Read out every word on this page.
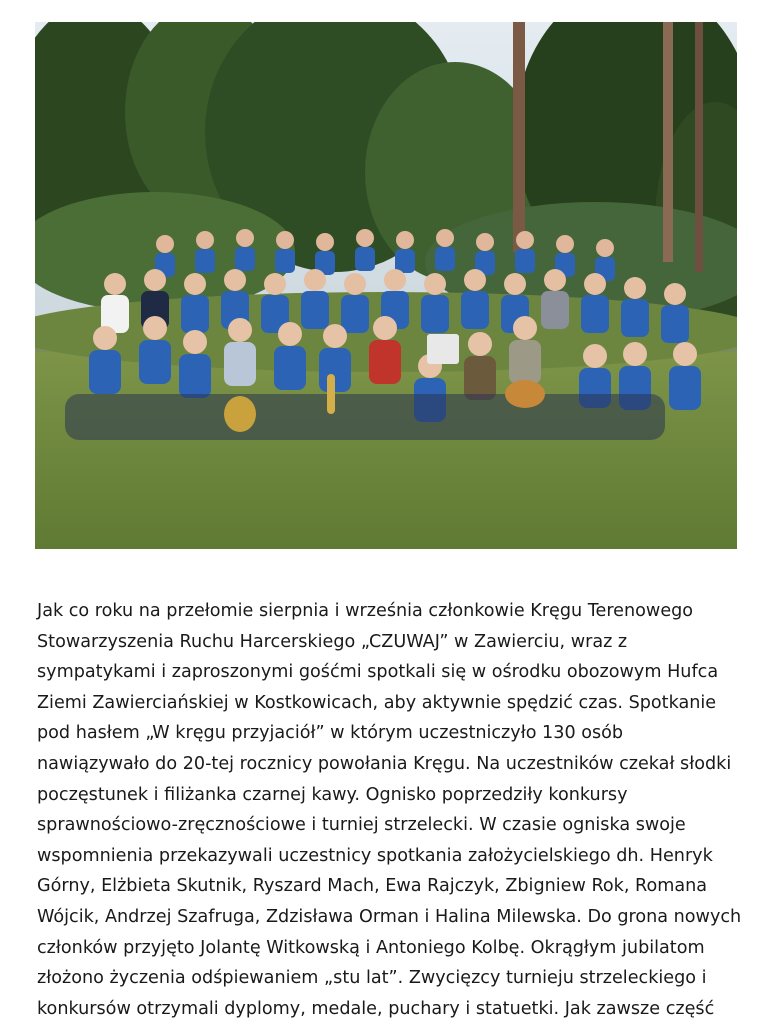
Jak co roku na przełomie sierpnia i września członkowie Kręgu Terenowego
Stowarzyszenia Ruchu Harcerskiego „CZUWAJ” w Zawierciu, wraz z
sympatykami i zaproszonymi gośćmi spotkali się w ośrodku obozowym Hufca
Ziemi Zawierciańskiej w Kostkowicach, aby aktywnie spędzić czas. Spotkanie
pod hasłem „W kręgu przyjaciół” w którym uczestniczyło 130 osób
nawiązywało do 20-tej rocznicy powołania Kręgu. Na uczestników czekał słodki
poczęstunek i filiżanka czarnej kawy. Ognisko poprzedziły konkursy
sprawnościowo-zręcznościowe i turniej strzelecki. W czasie ogniska swoje
wspomnienia przekazywali uczestnicy spotkania założycielskiego dh. Henryk
Górny, Elżbieta Skutnik, Ryszard Mach, Ewa Rajczyk, Zbigniew Rok, Romana
Wójcik, Andrzej Szafruga, Zdzisława Orman i Halina Milewska. Do grona nowych
członków przyjęto Jolantę Witkowską i Antoniego Kolbę. Okrągłym jubilatom
złożono życzenia odśpiewaniem „stu lat”. Zwycięzcy turnieju strzeleckiego i
konkursów otrzymali dyplomy, medale, puchary i statuetki. Jak zawsze część
